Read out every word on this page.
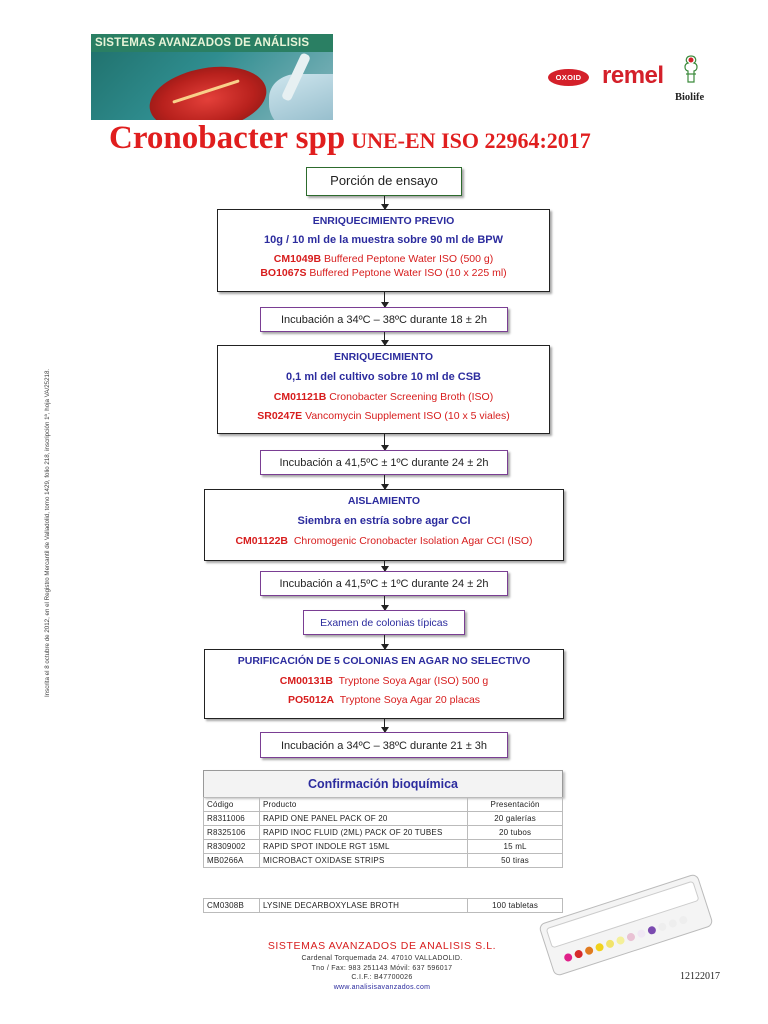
SISTEMAS AVANZADOS DE ANÁLISIS
OXOID remel
Biolife
Cronobacter spp UNE-EN ISO 22964:2017
Inscrita el 8 octubre de 2012, en el Registro Mercantil de Valladolid, tomo 1429, folio 218, inscripción 1ª, hoja VA/25218.
Porción de ensayo
ENRIQUECIMIENTO PREVIO
10g / 10 ml de la muestra sobre 90 ml de BPW
CM1049B Buffered Peptone Water ISO (500 g)
BO1067S Buffered Peptone Water ISO (10 x 225 ml)
Incubación a 34ºC – 38ºC durante 18 ± 2h
ENRIQUECIMIENTO
0,1 ml del cultivo sobre 10 ml de CSB
CM01121B Cronobacter Screening Broth (ISO)
SR0247E Vancomycin Supplement ISO (10 x 5 viales)
Incubación a 41,5ºC ± 1ºC durante 24 ± 2h
AISLAMIENTO
Siembra en estría sobre agar CCI
CM01122B Chromogenic Cronobacter Isolation Agar CCI (ISO)
Incubación a 41,5ºC ± 1ºC durante 24 ± 2h
Examen de colonias típicas
PURIFICACIÓN DE 5 COLONIAS EN AGAR NO SELECTIVO
CM00131B Tryptone Soya Agar (ISO) 500 g
PO5012A Tryptone Soya Agar 20 placas
Incubación a 34ºC – 38ºC durante 21 ± 3h
Confirmación bioquímica
Código	Producto	Presentación
R8311006	RAPID ONE PANEL PACK OF 20	20 galerías
R8325106	RAPID INOC FLUID (2ML) PACK OF 20 TUBES	20 tubos
R8309002	RAPID SPOT INDOLE RGT 15ML	15 mL
MB0266A	MICROBACT OXIDASE STRIPS	50 tiras
CM0308B	LYSINE DECARBOXYLASE BROTH	100 tabletas
SISTEMAS AVANZADOS DE ANALISIS S.L.
Cardenal Torquemada 24. 47010 VALLADOLID.
Tno / Fax: 983 251143 Móvil: 637 596017
C.I.F.: B47700026
www.analisisavanzados.com
12122017
